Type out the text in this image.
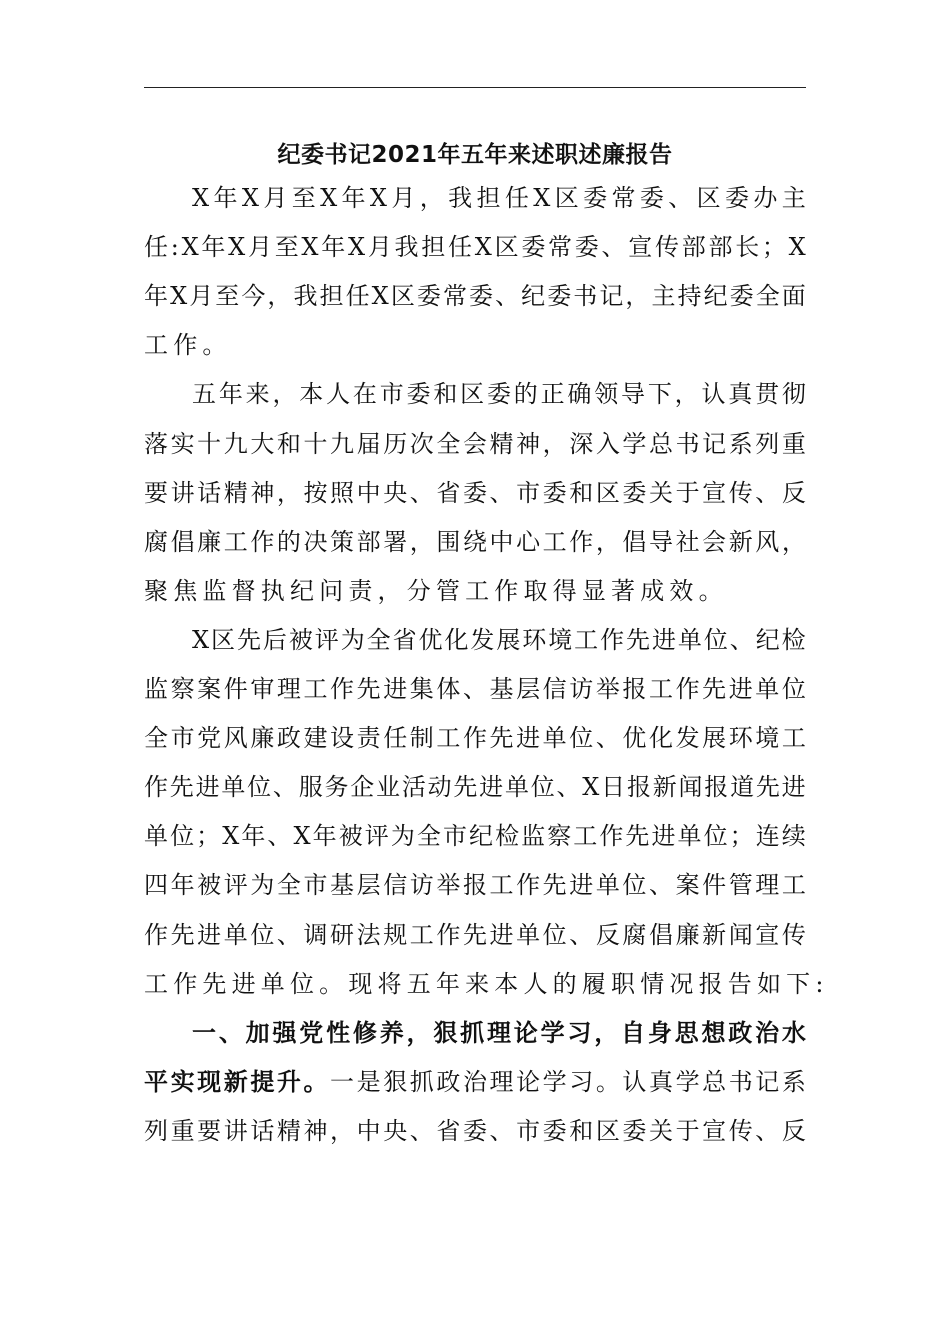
纪委书记2021年五年来述职述廉报告
X 年 X 月 至 X 年 X 月 ， 我 担 任 X 区 委 常 委 、 区 委 办 主
任 : X 年 X 月 至 X 年 X 月 我 担 任 X 区 委 常 委 、 宣 传 部 部 长 ； X
年 X 月 至 今 ， 我 担 任 X 区 委 常 委 、 纪 委 书 记 ， 主 持 纪 委 全 面
工 作 。
五 年 来 ， 本 人 在 市 委 和 区 委 的 正 确 领 导 下 ， 认 真 贯 彻
落 实 十 九 大 和 十 九 届 历 次 全 会 精 神 ， 深 入 学 总 书 记 系 列 重
要 讲 话 精 神 ， 按 照 中 央 、 省 委 、 市 委 和 区 委 关 于 宣 传 、 反
腐 倡 廉 工 作 的 决 策 部 署 ， 围 绕 中 心 工 作 ， 倡 导 社 会 新 风 ，
聚 焦 监 督 执 纪 问 责 ， 分 管 工 作 取 得 显 著 成 效 。
X 区 先 后 被 评 为 全 省 优 化 发 展 环 境 工 作 先 进 单 位 、 纪 检
监 察 案 件 审 理 工 作 先 进 集 体 、 基 层 信 访 举 报 工 作 先 进 单 位
全 市 党 风 廉 政 建 设 责 任 制 工 作 先 进 单 位 、 优 化 发 展 环 境 工
作 先 进 单 位 、 服 务 企 业 活 动 先 进 单 位 、 X 日 报 新 闻 报 道 先 进
单 位 ； X 年 、 X 年 被 评 为 全 市 纪 检 监 察 工 作 先 进 单 位 ； 连 续
四 年 被 评 为 全 市 基 层 信 访 举 报 工 作 先 进 单 位 、 案 件 管 理 工
作 先 进 单 位 、 调 研 法 规 工 作 先 进 单 位 、 反 腐 倡 廉 新 闻 宣 传
工 作 先 进 单 位 。 现 将 五 年 来 本 人 的 履 职 情 况 报 告 如 下 :
一 、 加 强 党 性 修 养 ， 狠 抓 理 论 学 习 ， 自 身 思 想 政 治 水
平 实 现 新 提 升 。 一 是 狠 抓 政 治 理 论 学 习 。 认 真 学 总 书 记 系
列 重 要 讲 话 精 神 ， 中 央 、 省 委 、 市 委 和 区 委 关 于 宣 传 、 反
